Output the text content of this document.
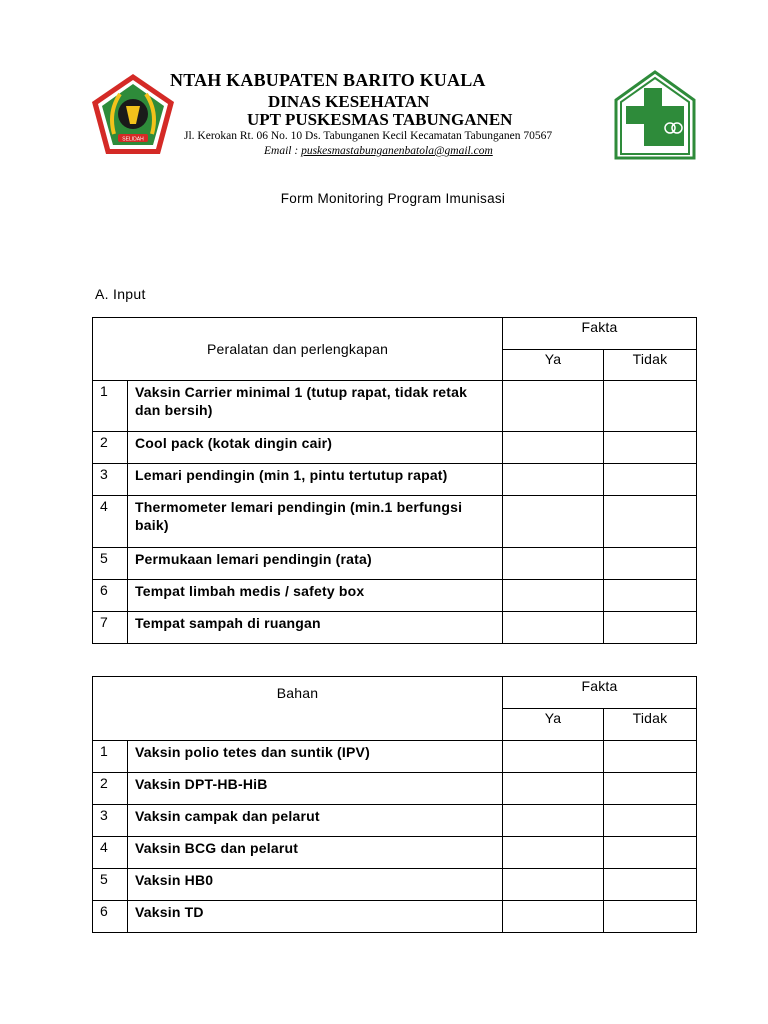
SELIDAH
NTAH KABUPATEN BARITO KUALA
DINAS KESEHATAN
UPT PUSKESMAS TABUNGANEN
Jl. Kerokan Rt. 06 No. 10 Ds. Tabunganen Kecil Kecamatan Tabunganen 70567
Email : puskesmastabunganenbatola@gmail.com
Form Monitoring Program Imunisasi
A. Input
Peralatan dan perlengkapan		Fakta	
		Ya	Tidak
1	Vaksin Carrier minimal 1 (tutup rapat, tidak retak dan bersih)		
2	Cool pack (kotak dingin cair)		
3	Lemari pendingin (min 1, pintu tertutup rapat)		
4	Thermometer lemari pendingin (min.1 berfungsi baik)		
5	Permukaan lemari pendingin (rata)		
6	Tempat limbah medis / safety box		
7	Tempat sampah di ruangan		
Bahan		Fakta	
		Ya	Tidak
1	Vaksin polio tetes dan suntik (IPV)		
2	Vaksin DPT-HB-HiB		
3	Vaksin campak dan pelarut		
4	Vaksin BCG dan pelarut		
5	Vaksin HB0		
6	Vaksin TD		
